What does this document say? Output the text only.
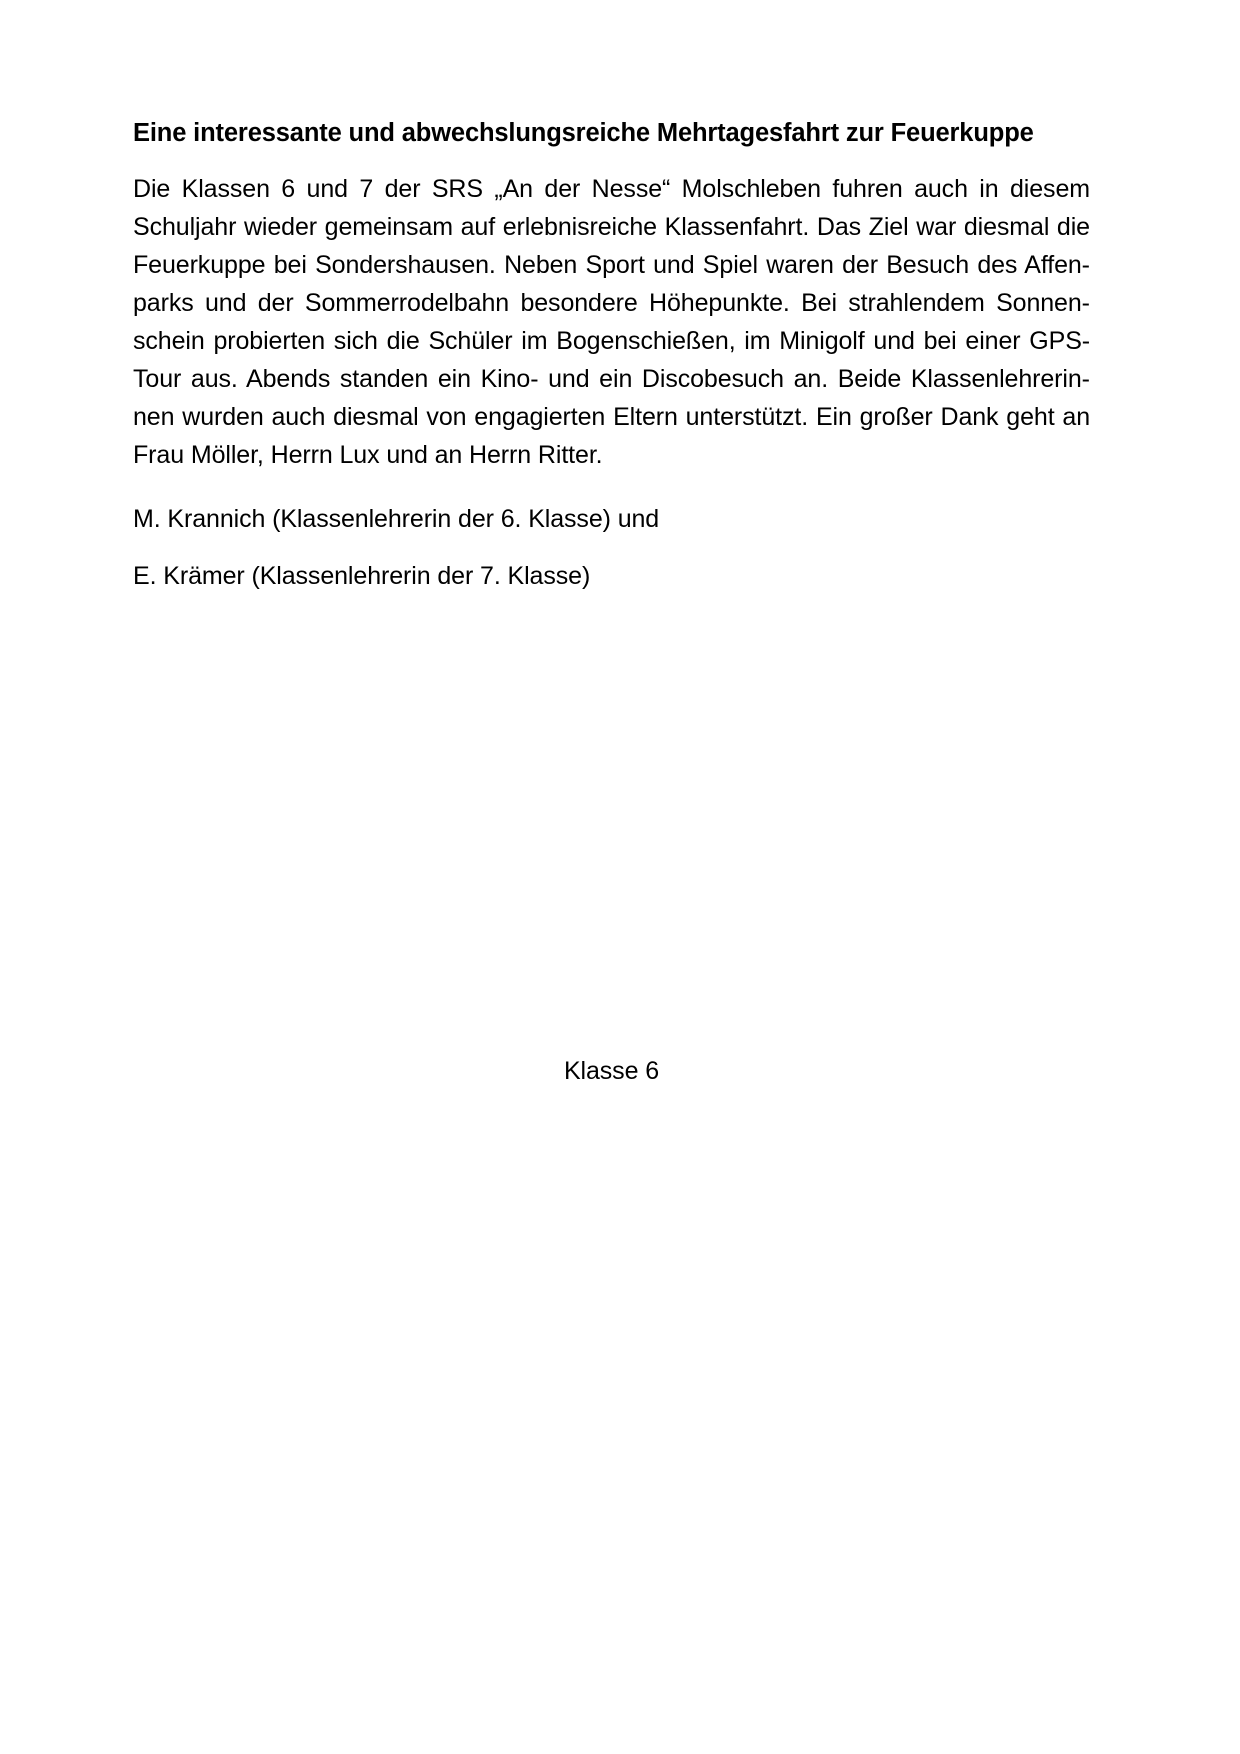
Eine interessante und abwechslungsreiche Mehrtagesfahrt zur Feuerkuppe

Die Klassen 6 und 7 der SRS „An der Nesse“ Molschleben fuhren auch in diesem Schuljahr wieder gemeinsam auf erlebnisreiche Klassenfahrt. Das Ziel war diesmal die Feuerkuppe bei Sondershausen. Neben Sport und Spiel waren der Besuch des Affenparks und der Sommerrodelbahn besondere Höhepunkte. Bei strahlendem Sonnenschein probierten sich die Schüler im Bogenschießen, im Minigolf und bei einer GPS-Tour aus. Abends standen ein Kino- und ein Discobesuch an. Beide Klassenlehrerinnen wurden auch diesmal von engagierten Eltern unterstützt. Ein großer Dank geht an Frau Möller, Herrn Lux und an Herrn Ritter.

M. Krannich (Klassenlehrerin der 6. Klasse) und

E. Krämer (Klassenlehrerin der 7. Klasse)

Klasse 6
